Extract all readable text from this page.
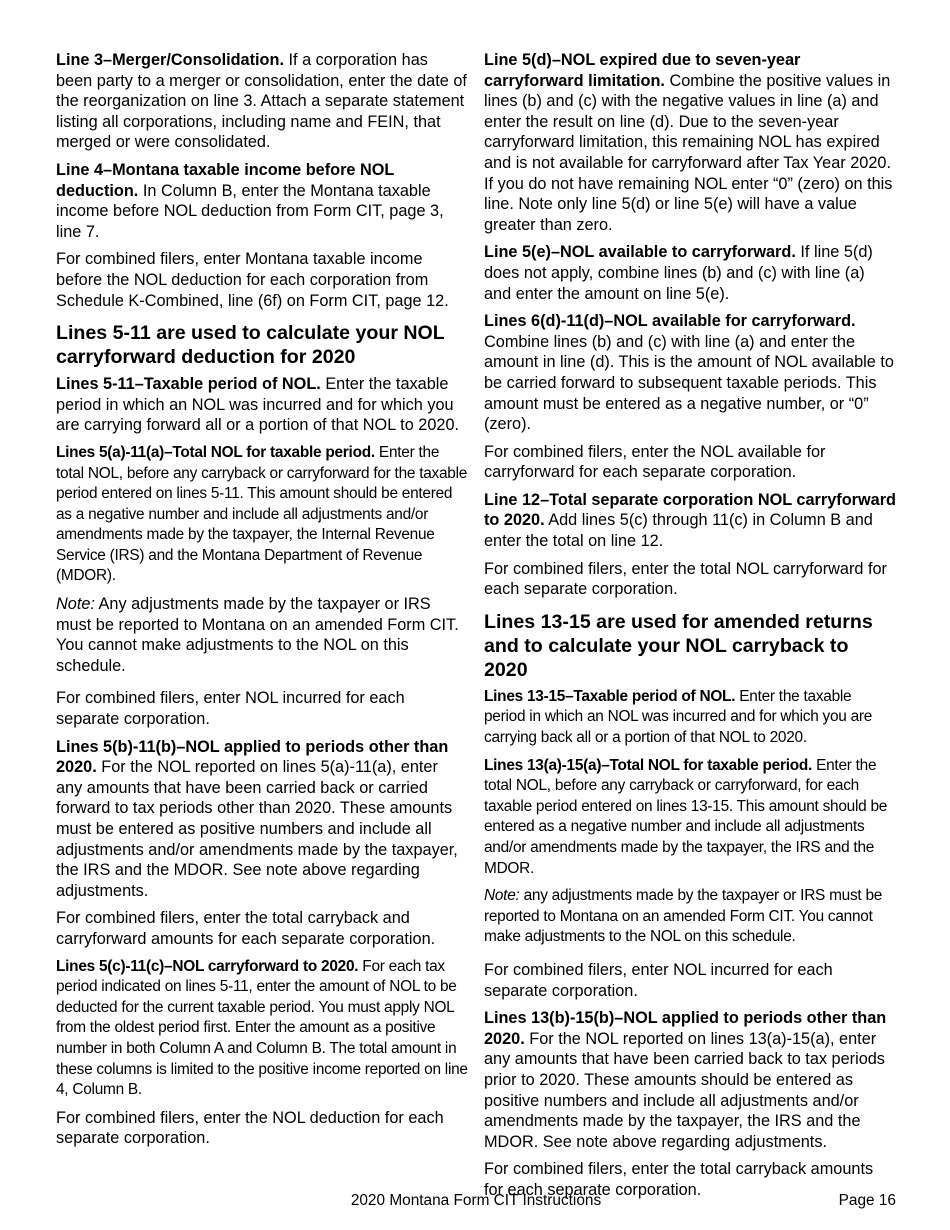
Line 3–Merger/Consolidation. If a corporation has been party to a merger or consolidation, enter the date of the reorganization on line 3. Attach a separate statement listing all corporations, including name and FEIN, that merged or were consolidated.

Line 4–Montana taxable income before NOL deduction. In Column B, enter the Montana taxable income before NOL deduction from Form CIT, page 3, line 7.

For combined filers, enter Montana taxable income before the NOL deduction for each corporation from Schedule K-Combined, line (6f) on Form CIT, page 12.

Lines 5-11 are used to calculate your NOL carryforward deduction for 2020

Lines 5-11–Taxable period of NOL. Enter the taxable period in which an NOL was incurred and for which you are carrying forward all or a portion of that NOL to 2020.

Lines 5(a)-11(a)–Total NOL for taxable period. Enter the total NOL, before any carryback or carryforward for the taxable period entered on lines 5-11. This amount should be entered as a negative number and include all adjustments and/or amendments made by the taxpayer, the Internal Revenue Service (IRS) and the Montana Department of Revenue (MDOR).

Note: Any adjustments made by the taxpayer or IRS must be reported to Montana on an amended Form CIT. You cannot make adjustments to the NOL on this schedule.

For combined filers, enter NOL incurred for each separate corporation.

Lines 5(b)-11(b)–NOL applied to periods other than 2020. For the NOL reported on lines 5(a)-11(a), enter any amounts that have been carried back or carried forward to tax periods other than 2020. These amounts must be entered as positive numbers and include all adjustments and/or amendments made by the taxpayer, the IRS and the MDOR. See note above regarding adjustments.

For combined filers, enter the total carryback and carryforward amounts for each separate corporation.

Lines 5(c)-11(c)–NOL carryforward to 2020. For each tax period indicated on lines 5-11, enter the amount of NOL to be deducted for the current taxable period. You must apply NOL from the oldest period first. Enter the amount as a positive number in both Column A and Column B. The total amount in these columns is limited to the positive income reported on line 4, Column B.

For combined filers, enter the NOL deduction for each separate corporation.

Line 5(d)–NOL expired due to seven-year carryforward limitation. Combine the positive values in lines (b) and (c) with the negative values in line (a) and enter the result on line (d). Due to the seven-year carryforward limitation, this remaining NOL has expired and is not available for carryforward after Tax Year 2020. If you do not have remaining NOL enter “0” (zero) on this line. Note only line 5(d) or line 5(e) will have a value greater than zero.

Line 5(e)–NOL available to carryforward. If line 5(d) does not apply, combine lines (b) and (c) with line (a) and enter the amount on line 5(e).

Lines 6(d)-11(d)–NOL available for carryforward. Combine lines (b) and (c) with line (a) and enter the amount in line (d). This is the amount of NOL available to be carried forward to subsequent taxable periods. This amount must be entered as a negative number, or “0” (zero).

For combined filers, enter the NOL available for carryforward for each separate corporation.

Line 12–Total separate corporation NOL carryforward to 2020. Add lines 5(c) through 11(c) in Column B and enter the total on line 12.

For combined filers, enter the total NOL carryforward for each separate corporation.

Lines 13-15 are used for amended returns and to calculate your NOL carryback to 2020

Lines 13-15–Taxable period of NOL. Enter the taxable period in which an NOL was incurred and for which you are carrying back all or a portion of that NOL to 2020.

Lines 13(a)-15(a)–Total NOL for taxable period. Enter the total NOL, before any carryback or carryforward, for each taxable period entered on lines 13-15. This amount should be entered as a negative number and include all adjustments and/or amendments made by the taxpayer, the IRS and the MDOR.

Note: any adjustments made by the taxpayer or IRS must be reported to Montana on an amended Form CIT. You cannot make adjustments to the NOL on this schedule.

For combined filers, enter NOL incurred for each separate corporation.

Lines 13(b)-15(b)–NOL applied to periods other than 2020. For the NOL reported on lines 13(a)-15(a), enter any amounts that have been carried back to tax periods prior to 2020. These amounts should be entered as positive numbers and include all adjustments and/or amendments made by the taxpayer, the IRS and the MDOR. See note above regarding adjustments.

For combined filers, enter the total carryback amounts for each separate corporation.

2020 Montana Form CIT Instructions	Page 16
